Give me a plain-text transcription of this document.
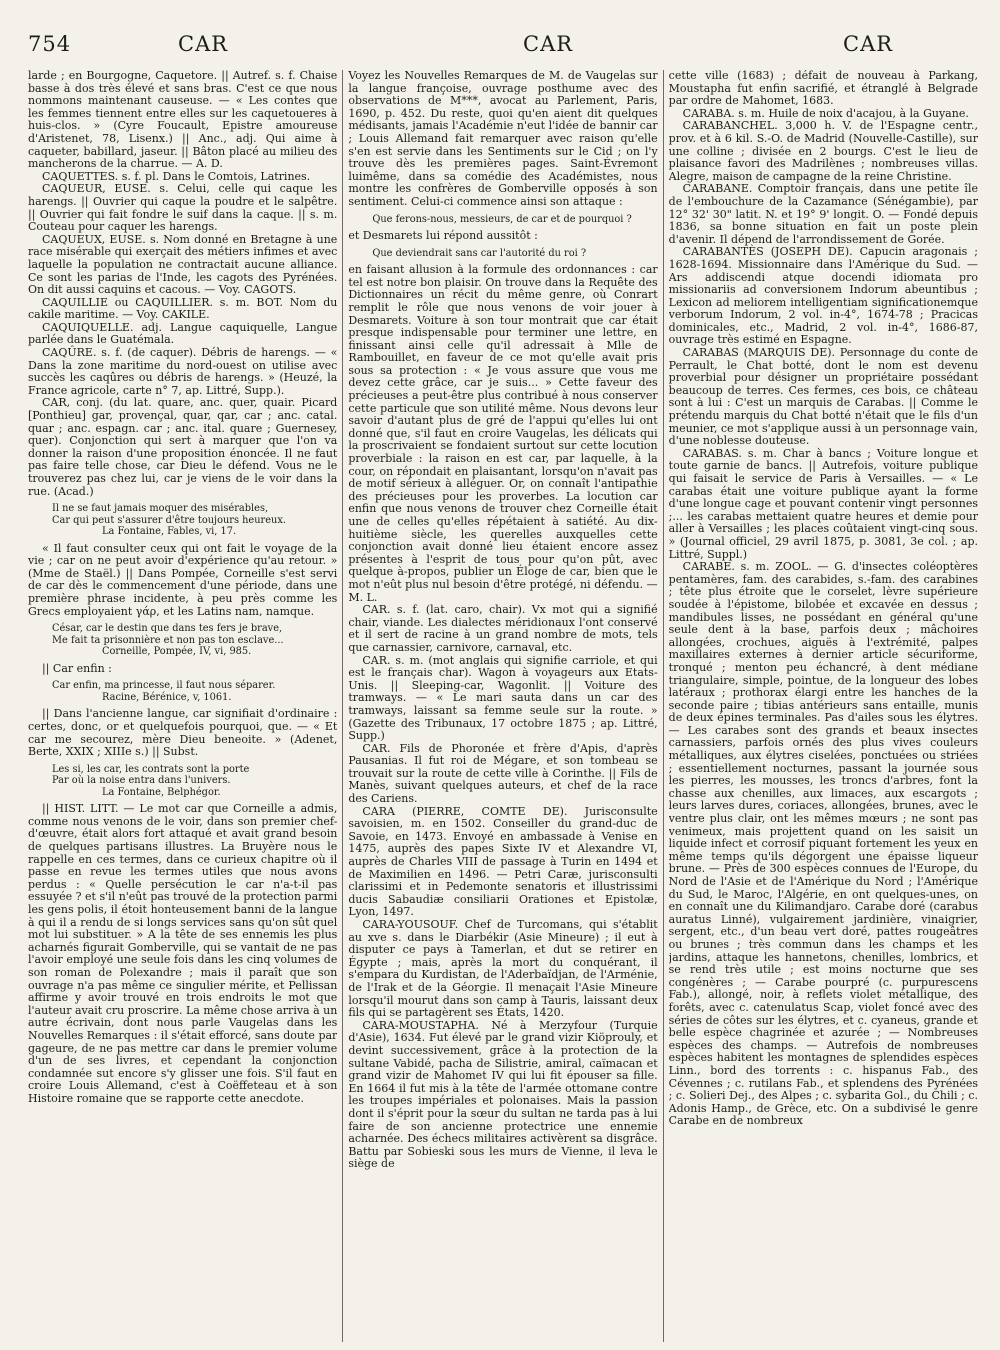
754	CAR	CAR	CAR

larde ; en Bourgogne, Caquetore. || Autref. s. f. Chaise basse à dos très élevé et sans bras. C'est ce que nous nommons maintenant causeuse. — « Les contes que les femmes tiennent entre elles sur les caquetoueres à huis-clos. » (Cyre Foucault, Epistre amoureuse d'Aristenet, 78, Lisenx.) || Anc., adj. Qui aime à caqueter, babillard, jaseur. || Bâton placé au milieu des mancherons de la charrue. — A. D.

CAQUETTES. s. f. pl. Dans le Comtois, Latrines.

CAQUEUR, EUSE. s. Celui, celle qui caque les harengs. || Ouvrier qui caque la poudre et le salpêtre. || Ouvrier qui fait fondre le suif dans la caque. || s. m. Couteau pour caquer les harengs.

CAQUEUX, EUSE. s. Nom donné en Bretagne à une race misérable qui exerçait des métiers infimes et avec laquelle la population ne contractait aucune alliance. Ce sont les parias de l'Inde, les cagots des Pyrénées. On dit aussi caquins et cacous. — Voy. CAGOTS.

CAQUILLIE ou CAQUILLIER. s. m. BOT. Nom du cakile maritime. — Voy. CAKILE.

CAQUIQUELLE. adj. Langue caquiquelle, Langue parlée dans le Guatémala.

CAQÛRE. s. f. (de caquer). Débris de harengs. — « Dans la zone maritime du nord-ouest on utilise avec succès les caqûres ou débris de harengs. » (Heuzé, la France agricole, carte n° 7, ap. Littré, Supp.).

CAR, conj. (du lat. quare, anc. quer, quair. Picard [Ponthieu] gar, provençal, quar, qar, car ; anc. catal. quar ; anc. espagn. car ; anc. ital. quare ; Guernesey, quer). Conjonction qui sert à marquer que l'on va donner la raison d'une proposition énoncée. Il ne faut pas faire telle chose, car Dieu le défend. Vous ne le trouverez pas chez lui, car je viens de le voir dans la rue. (Acad.)

Il ne se faut jamais moquer des misérables,
Car qui peut s'assurer d'être toujours heureux.
La Fontaine, Fables, vi, 17.

« Il faut consulter ceux qui ont fait le voyage de la vie ; car on ne peut avoir d'expérience qu'au retour. » (Mme de Staël.) || Dans Pompée, Corneille s'est servi de car dès le commencement d'une période, dans une première phrase incidente, à peu près comme les Grecs employaient γάρ, et les Latins nam, namque.

César, car le destin que dans tes fers je brave,
Me fait ta prisonnière et non pas ton esclave...
Corneille, Pompée, IV, vi, 985.

|| Car enfin :

Car enfin, ma princesse, il faut nous séparer.
Racine, Bérénice, v, 1061.

|| Dans l'ancienne langue, car signifiait d'ordinaire : certes, donc, or et quelquefois pourquoi, que. — « Et car me secourez, mère Dieu beneoite. » (Adenet, Berte, XXIX ; XIIIe s.) || Subst.

Les si, les car, les contrats sont la porte
Par où la noise entra dans l'univers.
La Fontaine, Belphégor.

|| HIST. LITT. — Le mot car que Corneille a admis, comme nous venons de le voir, dans son premier chef-d'œuvre, était alors fort attaqué et avait grand besoin de quelques partisans illustres. La Bruyère nous le rappelle en ces termes, dans ce curieux chapitre où il passe en revue les termes utiles que nous avons perdus : « Quelle persécution le car n'a-t-il pas essuyée ? et s'il n'eût pas trouvé de la protection parmi les gens polis, il étoit honteusement banni de la langue à qui il a rendu de si longs services sans qu'on sût quel mot lui substituer. » A la tête de ses ennemis les plus acharnés figurait Gomberville, qui se vantait de ne pas l'avoir employé une seule fois dans les cinq volumes de son roman de Polexandre ; mais il paraît que son ouvrage n'a pas même ce singulier mérite, et Pellissan affirme y avoir trouvé en trois endroits le mot que l'auteur avait cru proscrire. La même chose arriva à un autre écrivain, dont nous parle Vaugelas dans les Nouvelles Remarques : il s'était efforcé, sans doute par gageure, de ne pas mettre car dans le premier volume d'un de ses livres, et cependant la conjonction condamnée sut encore s'y glisser une fois. S'il faut en croire Louis Allemand, c'est à Coëffeteau et à son Histoire romaine que se rapporte cette anecdote.

Voyez les Nouvelles Remarques de M. de Vaugelas sur la langue françoise, ouvrage posthume avec des observations de M***, avocat au Parlement, Paris, 1690, p. 452. Du reste, quoi qu'en aient dit quelques médisants, jamais l'Académie n'eut l'idée de bannir car ; Louis Allemand fait remarquer avec raison qu'elle s'en est servie dans les Sentiments sur le Cid ; on l'y trouve dès les premières pages. Saint-Évremont luimême, dans sa comédie des Académistes, nous montre les confrères de Gomberville opposés à son sentiment. Celui-ci commence ainsi son attaque :

Que ferons-nous, messieurs, de car et de pourquoi ?

et Desmarets lui répond aussitôt :

Que deviendrait sans car l'autorité du roi ?

en faisant allusion à la formule des ordonnances : car tel est notre bon plaisir. On trouve dans la Requête des Dictionnaires un récit du même genre, où Conrart remplit le rôle que nous venons de voir jouer à Desmarets. Voiture à son tour montrait que car était presque indispensable pour terminer une lettre, en finissant ainsi celle qu'il adressait à Mlle de Rambouillet, en faveur de ce mot qu'elle avait pris sous sa protection : « Je vous assure que vous me devez cette grâce, car je suis... » Cette faveur des précieuses a peut-être plus contribué à nous conserver cette particule que son utilité même. Nous devons leur savoir d'autant plus de gré de l'appui qu'elles lui ont donné que, s'il faut en croire Vaugelas, les délicats qui la proscrivaient se fondaient surtout sur cette locution proverbiale : la raison en est car, par laquelle, à la cour, on répondait en plaisantant, lorsqu'on n'avait pas de motif sérieux à alléguer. Or, on connaît l'antipathie des précieuses pour les proverbes. La locution car enfin que nous venons de trouver chez Corneille était une de celles qu'elles répétaient à satiété. Au dix-huitième siècle, les querelles auxquelles cette conjonction avait donné lieu étaient encore assez présentes à l'esprit de tous pour qu'on pût, avec quelque à-propos, publier un Éloge de car, bien que le mot n'eût plus nul besoin d'être protégé, ni défendu. — M. L.

CAR. s. f. (lat. caro, chair). Vx mot qui a signifié chair, viande. Les dialectes méridionaux l'ont conservé et il sert de racine à un grand nombre de mots, tels que carnassier, carnivore, carnaval, etc.

CAR. s. m. (mot anglais qui signifie carriole, et qui est le français char). Wagon à voyageurs aux Etats-Unis. || Sleeping-car, Wagonlit. || Voiture des tramways. — « Le mari sauta dans un car des tramways, laissant sa femme seule sur la route. » (Gazette des Tribunaux, 17 octobre 1875 ; ap. Littré, Supp.)

CAR. Fils de Phoronée et frère d'Apis, d'après Pausanias. Il fut roi de Mégare, et son tombeau se trouvait sur la route de cette ville à Corinthe. || Fils de Manès, suivant quelques auteurs, et chef de la race des Cariens.

CARA (PIERRE, COMTE DE). Jurisconsulte savoisien, m. en 1502. Conseiller du grand-duc de Savoie, en 1473. Envoyé en ambassade à Venise en 1475, auprès des papes Sixte IV et Alexandre VI, auprès de Charles VIII de passage à Turin en 1494 et de Maximilien en 1496. — Petri Caræ, jurisconsulti clarissimi et in Pedemonte senatoris et illustrissimi ducis Sabaudiæ consiliarii Orationes et Epistolæ, Lyon, 1497.

CARA-YOUSOUF. Chef de Turcomans, qui s'établit au xve s. dans le Diarbékir (Asie Mineure) ; il eut à disputer ce pays à Tamerlan, et dut se retirer en Égypte ; mais, après la mort du conquérant, il s'empara du Kurdistan, de l'Aderbaïdjan, de l'Arménie, de l'Irak et de la Géorgie. Il menaçait l'Asie Mineure lorsqu'il mourut dans son camp à Tauris, laissant deux fils qui se partagèrent ses États, 1420.

CARA-MOUSTAPHA. Né à Merzyfour (Turquie d'Asie), 1634. Fut élevé par le grand vizir Kiöprouly, et devint successivement, grâce à la protection de la sultane Vabidé, pacha de Silistrie, amiral, caïmacan et grand vizir de Mahomet IV qui lui fit épouser sa fille. En 1664 il fut mis à la tête de l'armée ottomane contre les troupes impériales et polonaises. Mais la passion dont il s'éprit pour la sœur du sultan ne tarda pas à lui faire de son ancienne protectrice une ennemie acharnée. Des échecs militaires activèrent sa disgrâce. Battu par Sobieski sous les murs de Vienne, il leva le siège de

cette ville (1683) ; défait de nouveau à Parkang, Moustapha fut enfin sacrifié, et étranglé à Belgrade par ordre de Mahomet, 1683.

CARABA. s. m. Huile de noix d'acajou, à la Guyane.

CARABANCHEL. 3,000 h. V. de l'Espagne centr., prov. et à 6 kil. S.-O. de Madrid (Nouvelle-Castille), sur une colline ; divisée en 2 bourgs. C'est le lieu de plaisance favori des Madrilènes ; nombreuses villas. Alegre, maison de campagne de la reine Christine.

CARABANE. Comptoir français, dans une petite île de l'embouchure de la Cazamance (Sénégambie), par 12° 32' 30" latit. N. et 19° 9' longit. O. — Fondé depuis 1836, sa bonne situation en fait un poste plein d'avenir. Il dépend de l'arrondissement de Gorée.

CARABANTÈS (JOSEPH DE). Capucin aragonais ; 1628-1694. Missionnaire dans l'Amérique du Sud. — Ars addiscendi atque docendi idiomata pro missionariis ad conversionem Indorum abeuntibus ; Lexicon ad meliorem intelligentiam significationemque verborum Indorum, 2 vol. in-4°, 1674-78 ; Pracicas dominicales, etc., Madrid, 2 vol. in-4°, 1686-87, ouvrage très estimé en Espagne.

CARABAS (MARQUIS DE). Personnage du conte de Perrault, le Chat botté, dont le nom est devenu proverbial pour désigner un propriétaire possédant beaucoup de terres. Ces fermes, ces bois, ce château sont à lui : C'est un marquis de Carabas. || Comme le prétendu marquis du Chat botté n'était que le fils d'un meunier, ce mot s'applique aussi à un personnage vain, d'une noblesse douteuse.

CARABAS. s. m. Char à bancs ; Voiture longue et toute garnie de bancs. || Autrefois, voiture publique qui faisait le service de Paris à Versailles. — « Le carabas était une voiture publique ayant la forme d'une longue cage et pouvant contenir vingt personnes ;... les carabas mettaient quatre heures et demie pour aller à Versailles ; les places coûtaient vingt-cinq sous. » (Journal officiel, 29 avril 1875, p. 3081, 3e col. ; ap. Littré, Suppl.)

CARABE. s. m. ZOOL. — G. d'insectes coléoptères pentamères, fam. des carabides, s.-fam. des carabines ; tête plus étroite que le corselet, lèvre supérieure soudée à l'épistome, bilobée et excavée en dessus ; mandibules lisses, ne possédant en général qu'une seule dent à la base, parfois deux ; mâchoires allongées, crochues, aiguës à l'extrémité, palpes maxillaires externes à dernier article sécuriforme, tronqué ; menton peu échancré, à dent médiane triangulaire, simple, pointue, de la longueur des lobes latéraux ; prothorax élargi entre les hanches de la seconde paire ; tibias antérieurs sans entaille, munis de deux épines terminales. Pas d'ailes sous les élytres. — Les carabes sont des grands et beaux insectes carnassiers, parfois ornés des plus vives couleurs métalliques, aux élytres ciselées, ponctuées ou striées ; essentiellement nocturnes, passant la journée sous les pierres, les mousses, les troncs d'arbres, font la chasse aux chenilles, aux limaces, aux escargots ; leurs larves dures, coriaces, allongées, brunes, avec le ventre plus clair, ont les mêmes mœurs ; ne sont pas venimeux, mais projettent quand on les saisit un liquide infect et corrosif piquant fortement les yeux en même temps qu'ils dégorgent une épaisse liqueur brune. — Près de 300 espèces connues de l'Europe, du Nord de l'Asie et de l'Amérique du Nord ; l'Amérique du Sud, le Maroc, l'Algérie, en ont quelques-unes, on en connaît une du Kilimandjaro. Carabe doré (carabus auratus Linné), vulgairement jardinière, vinaigrier, sergent, etc., d'un beau vert doré, pattes rougeâtres ou brunes ; très commun dans les champs et les jardins, attaque les hannetons, chenilles, lombrics, et se rend très utile ; est moins nocturne que ses congénères ; — Carabe pourpré (c. purpurescens Fab.), allongé, noir, à reflets violet métallique, des forêts, avec c. catenulatus Scap, violet foncé avec des séries de côtes sur les élytres, et c. cyaneus, grande et belle espèce chagrinée et azurée ; — Nombreuses espèces des champs. — Autrefois de nombreuses espèces habitent les montagnes de splendides espèces Linn., bord des torrents : c. hispanus Fab., des Cévennes ; c. rutilans Fab., et splendens des Pyrénées ; c. Solieri Dej., des Alpes ; c. sybarita Gol., du Chili ; c. Adonis Hamp., de Grèce, etc. On a subdivisé le genre Carabe en de nombreux
